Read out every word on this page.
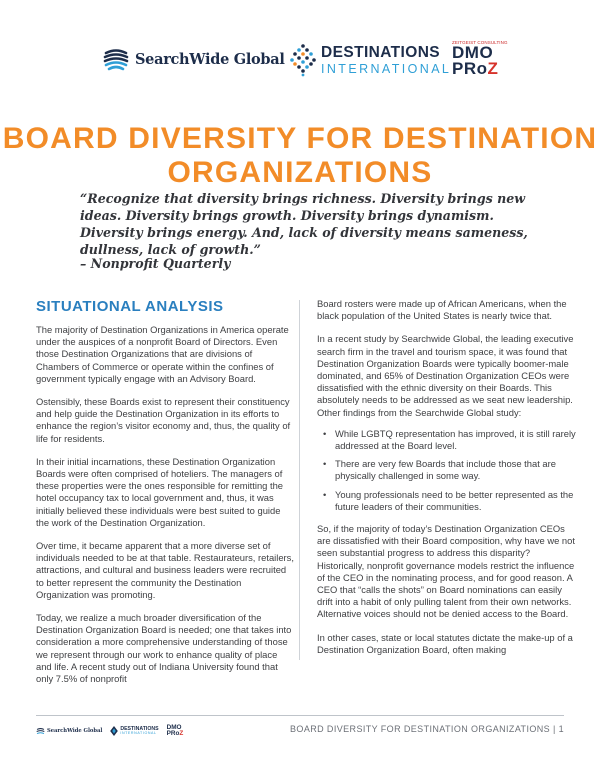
SearchWide Global DESTINATIONS
INTERNATIONAL
ZEITGEIST CONSULTING
DMO
PRoZ
BOARD DIVERSITY FOR DESTINATION ORGANIZATIONS
“Recognize that diversity brings richness. Diversity brings new ideas. Diversity brings growth. Diversity brings dynamism. Diversity brings energy. And, lack of diversity means sameness, dullness, lack of growth.”
– Nonprofit Quarterly
SITUATIONAL ANALYSIS

The majority of Destination Organizations in America operate under the auspices of a nonprofit Board of Directors. Even those Destination Organizations that are divisions of Chambers of Commerce or operate within the confines of government typically engage with an Advisory Board.

Ostensibly, these Boards exist to represent their constituency and help guide the Destination Organization in its efforts to enhance the region’s visitor economy and, thus, the quality of life for residents.

In their initial incarnations, these Destination Organization Boards were often comprised of hoteliers. The managers of these properties were the ones responsible for remitting the hotel occupancy tax to local government and, thus, it was initially believed these individuals were best suited to guide the work of the Destination Organization.

Over time, it became apparent that a more diverse set of individuals needed to be at that table. Restaurateurs, retailers, attractions, and cultural and business leaders were recruited to better represent the community the Destination Organization was promoting.

Today, we realize a much broader diversification of the Destination Organization Board is needed; one that takes into consideration a more comprehensive understanding of those we represent through our work to enhance quality of place and life. A recent study out of Indiana University found that only 7.5% of nonprofit

Board rosters were made up of African Americans, when the black population of the United States is nearly twice that.

In a recent study by Searchwide Global, the leading executive search firm in the travel and tourism space, it was found that Destination Organization Boards were typically boomer-male dominated, and 65% of Destination Organization CEOs were dissatisfied with the ethnic diversity on their Boards. This absolutely needs to be addressed as we seat new leadership. Other findings from the Searchwide Global study:

• While LGBTQ representation has improved, it is still rarely addressed at the Board level.
• There are very few Boards that include those that are physically challenged in some way.
• Young professionals need to be better represented as the future leaders of their communities.

So, if the majority of today’s Destination Organization CEOs are dissatisfied with their Board composition, why have we not seen substantial progress to address this disparity? Historically, nonprofit governance models restrict the influence of the CEO in the nominating process, and for good reason. A CEO that “calls the shots” on Board nominations can easily drift into a habit of only pulling talent from their own networks. Alternative voices should not be denied access to the Board.

In other cases, state or local statutes dictate the make-up of a Destination Organization Board, often making

SearchWide Global	DESTINATIONS
INTERNATIONAL
DMO
PRoZ	BOARD DIVERSITY FOR DESTINATION ORGANIZATIONS | 1
